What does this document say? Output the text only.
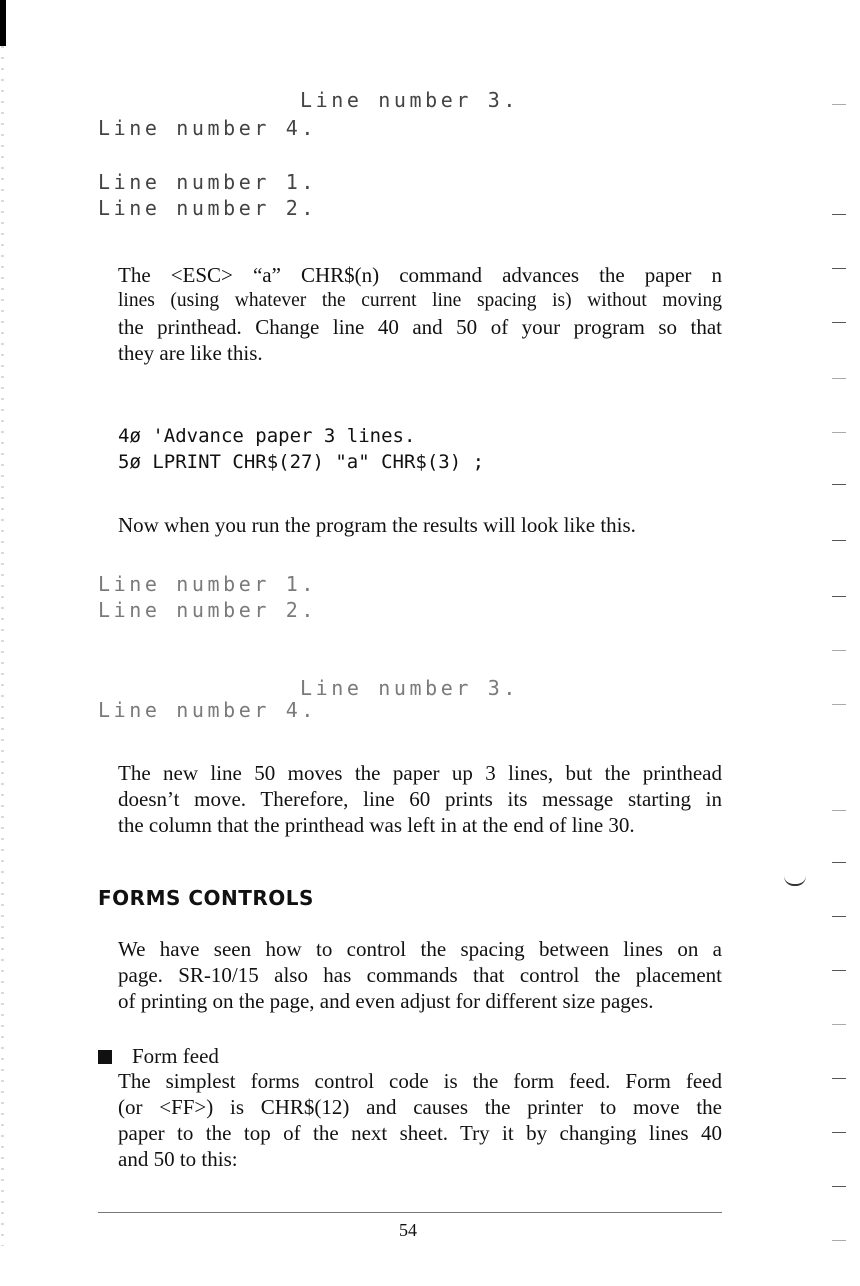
Line number 3.
Line number 4.
Line number 1.
Line number 2.
The <ESC> “a” CHR$(n) command advances the paper n
lines (using whatever the current line spacing is) without moving
the printhead. Change line 40 and 50 of your program so that
they are like this.
4ø 'Advance paper 3 lines.
5ø LPRINT CHR$(27) "a" CHR$(3) ;
Now when you run the program the results will look like this.
Line number 1.
Line number 2.
Line number 3.
Line number 4.
The new line 50 moves the paper up 3 lines, but the printhead
doesn’t move. Therefore, line 60 prints its message starting in
the column that the printhead was left in at the end of line 30.
FORMS CONTROLS
We have seen how to control the spacing between lines on a
page. SR-10/15 also has commands that control the placement
of printing on the page, and even adjust for different size pages.
Form feed
The simplest forms control code is the form feed. Form feed
(or <FF>) is CHR$(12) and causes the printer to move the
paper to the top of the next sheet. Try it by changing lines 40
and 50 to this:
54
